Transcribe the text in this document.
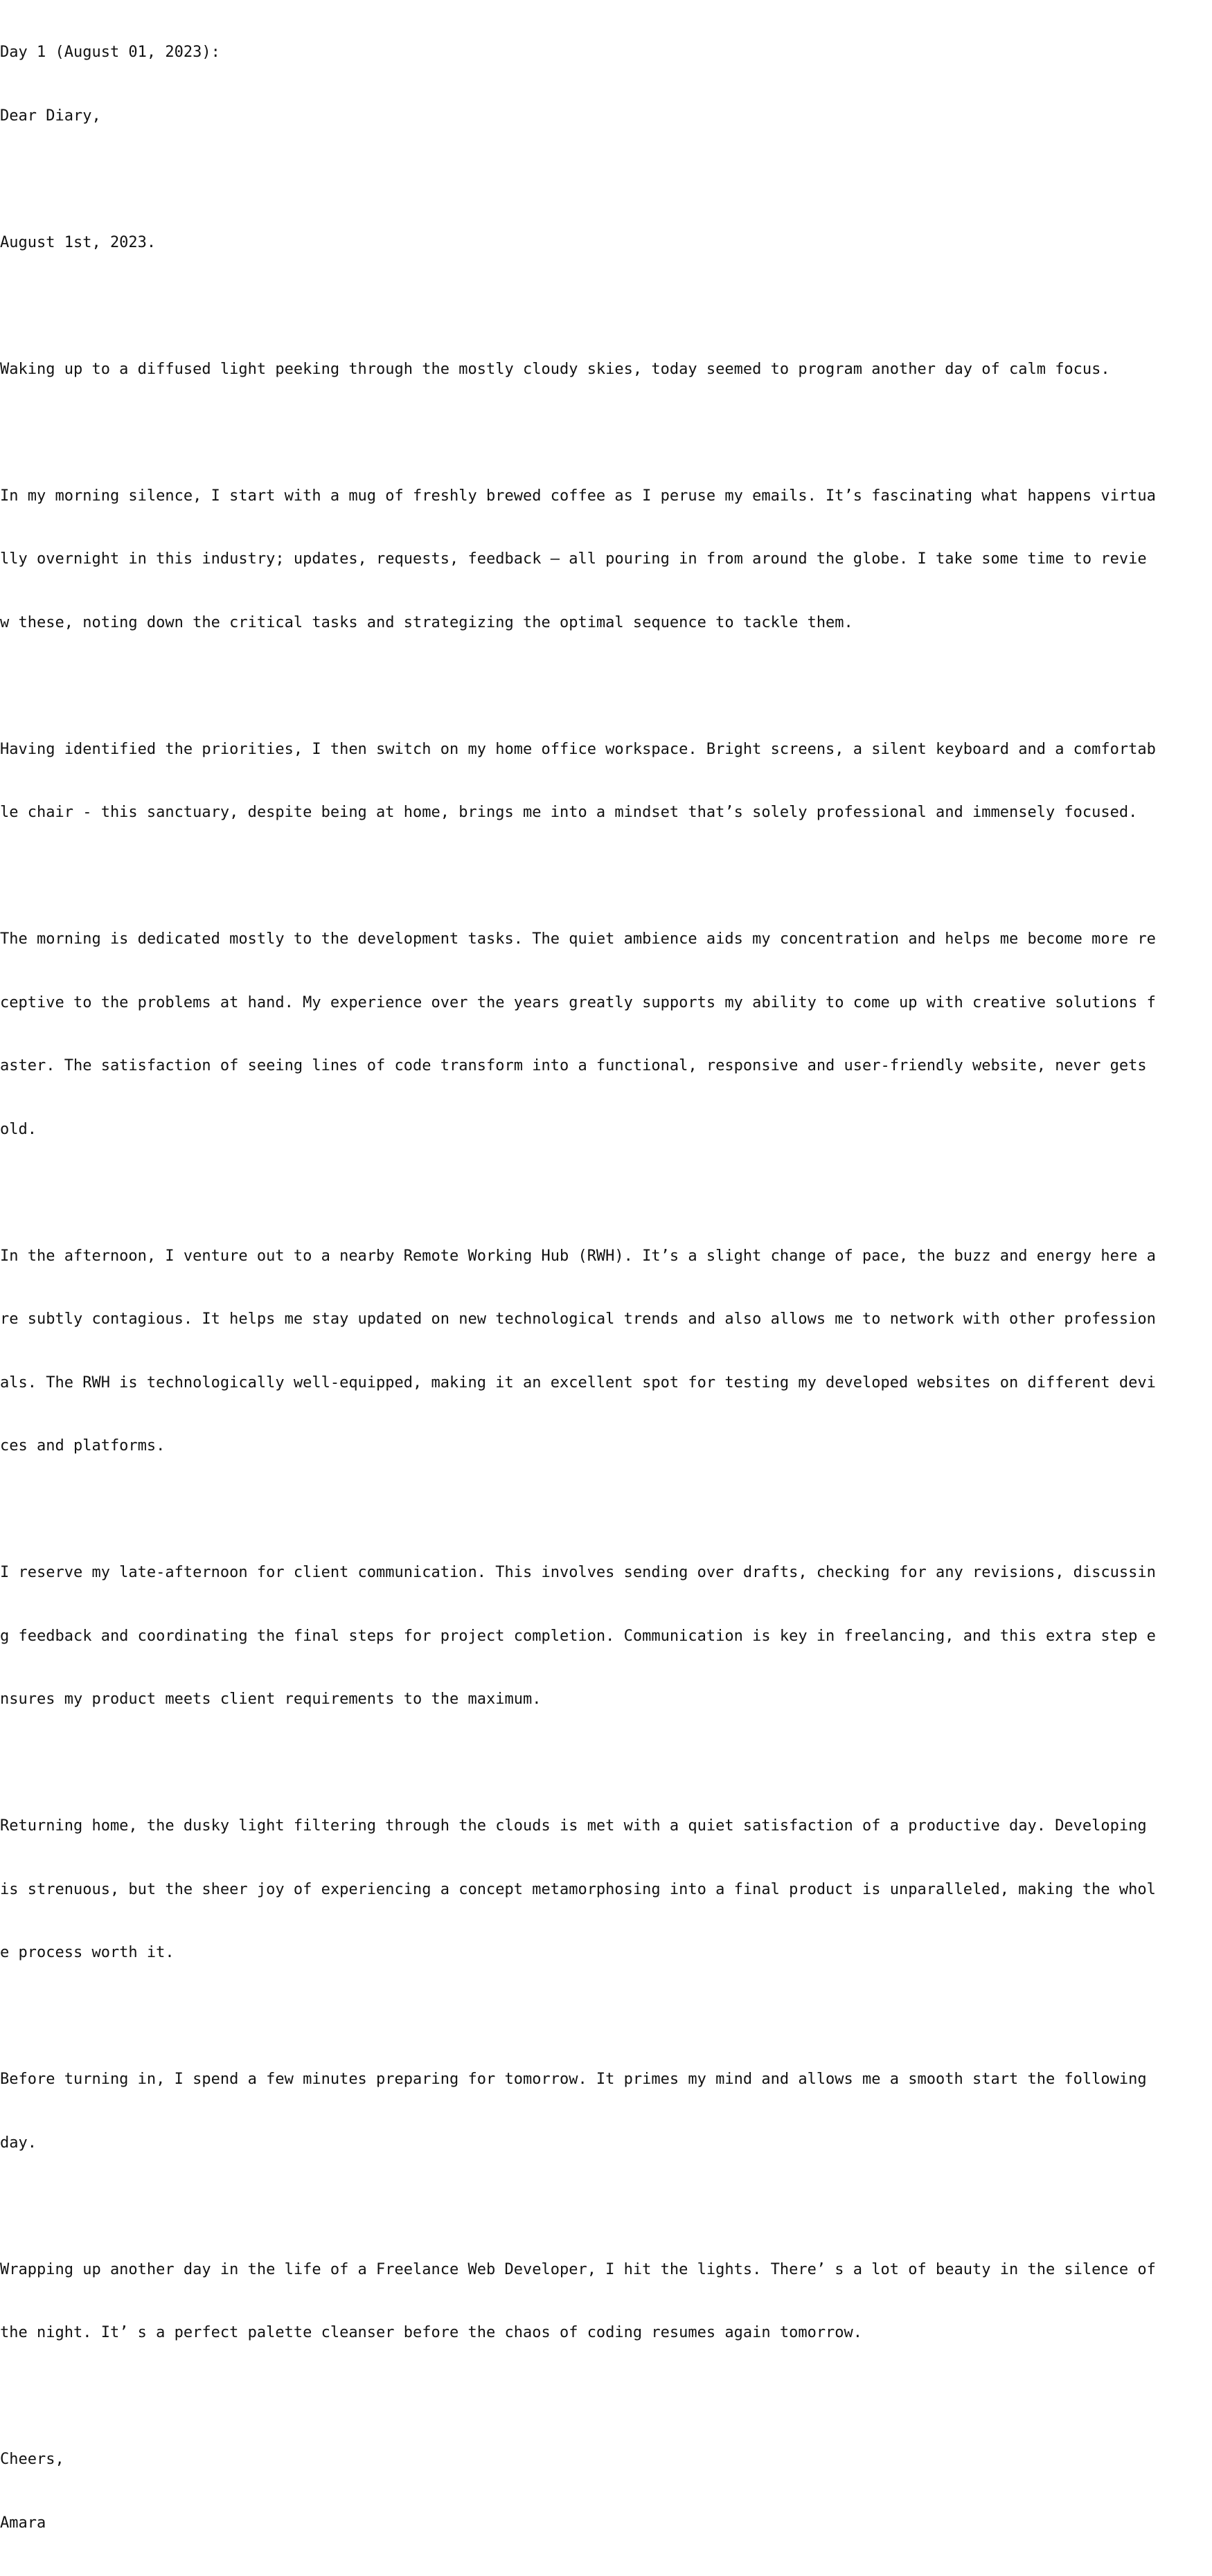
Day 1 (August 01, 2023):

Dear Diary,

August 1st, 2023.

Waking up to a diffused light peeking through the mostly cloudy skies, today seemed to program another day of calm focus.

In my morning silence, I start with a mug of freshly brewed coffee as I peruse my emails. It’s fascinating what happens virtua

lly overnight in this industry; updates, requests, feedback – all pouring in from around the globe. I take some time to revie

w these, noting down the critical tasks and strategizing the optimal sequence to tackle them.

Having identified the priorities, I then switch on my home office workspace. Bright screens, a silent keyboard and a comfortab

le chair - this sanctuary, despite being at home, brings me into a mindset that’s solely professional and immensely focused.

The morning is dedicated mostly to the development tasks. The quiet ambience aids my concentration and helps me become more re

ceptive to the problems at hand. My experience over the years greatly supports my ability to come up with creative solutions f

aster. The satisfaction of seeing lines of code transform into a functional, responsive and user-friendly website, never gets

old.

In the afternoon, I venture out to a nearby Remote Working Hub (RWH). It’s a slight change of pace, the buzz and energy here a

re subtly contagious. It helps me stay updated on new technological trends and also allows me to network with other profession

als. The RWH is technologically well-equipped, making it an excellent spot for testing my developed websites on different devi

ces and platforms.

I reserve my late-afternoon for client communication. This involves sending over drafts, checking for any revisions, discussin

g feedback and coordinating the final steps for project completion. Communication is key in freelancing, and this extra step e

nsures my product meets client requirements to the maximum.

Returning home, the dusky light filtering through the clouds is met with a quiet satisfaction of a productive day. Developing

is strenuous, but the sheer joy of experiencing a concept metamorphosing into a final product is unparalleled, making the whol

e process worth it.

Before turning in, I spend a few minutes preparing for tomorrow. It primes my mind and allows me a smooth start the following

day.

Wrapping up another day in the life of a Freelance Web Developer, I hit the lights. There’ s a lot of beauty in the silence of

the night. It’ s a perfect palette cleanser before the chaos of coding resumes again tomorrow.

Cheers,

Amara
